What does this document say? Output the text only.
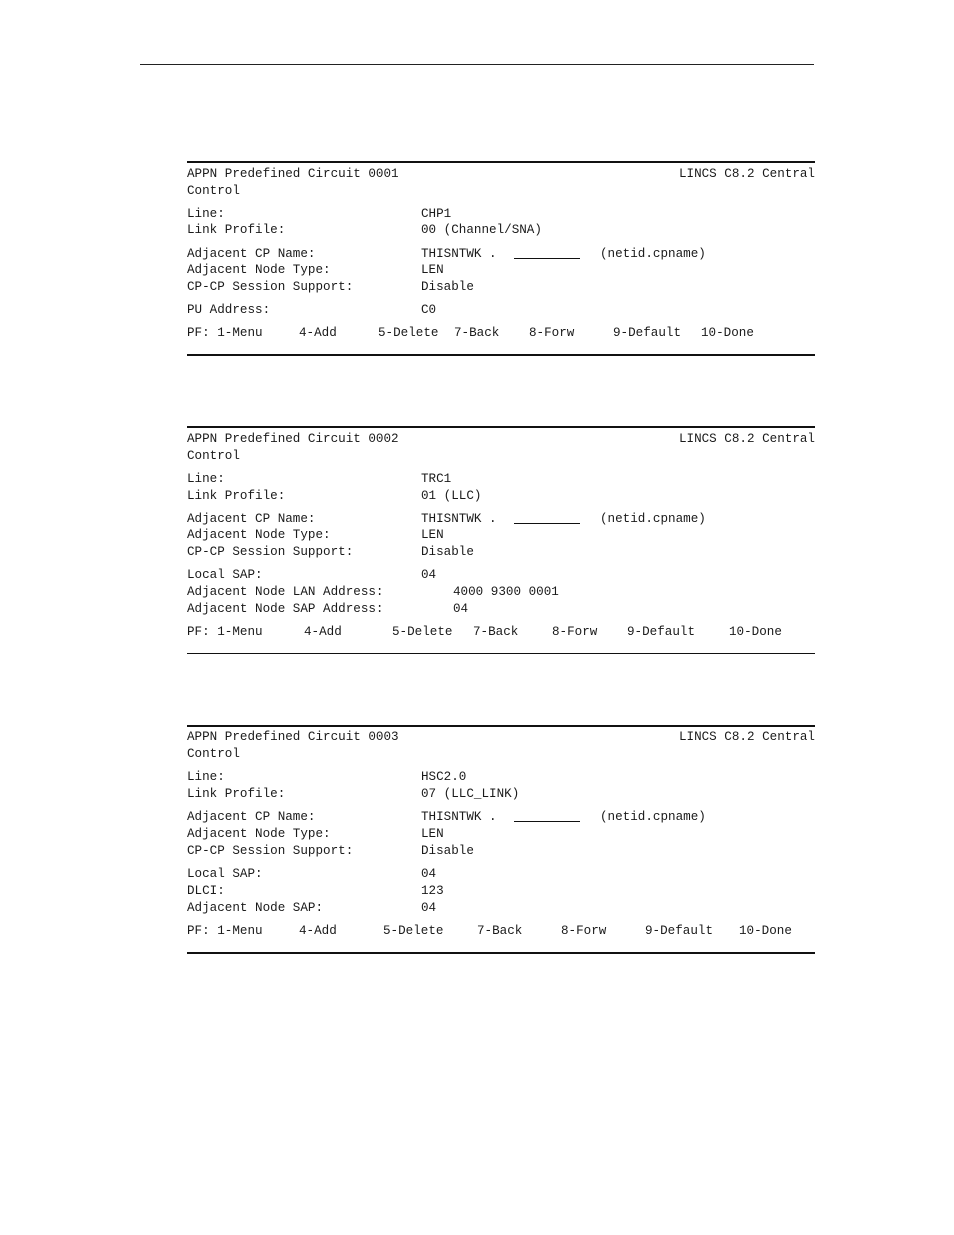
APPN Predefined Circuit 0001	LINCS C8.2 Central
Control
Line:	CHP1
Link Profile:	00 (Channel/SNA)
Adjacent CP Name:	THISNTWK .	(netid.cpname)
Adjacent Node Type:	LEN
CP-CP Session Support:	Disable
PU Address:	C0
PF: 1-Menu	4-Add	5-Delete 7-Back 8-Forw	9-Default 10-Done
APPN Predefined Circuit 0002	LINCS C8.2 Central
Control
Line:	TRC1
Link Profile:	01 (LLC)
Adjacent CP Name:	THISNTWK .	(netid.cpname)
Adjacent Node Type:	LEN
CP-CP Session Support:	Disable
Local SAP:	04
Adjacent Node LAN Address:	4000 9300 0001
Adjacent Node SAP Address:	04
PF: 1-Menu	4-Add	5-Delete 7-Back	8-Forw 9-Default	10-Done
APPN Predefined Circuit 0003	LINCS C8.2 Central
Control
Line:	HSC2.0
Link Profile:	07 (LLC_LINK)
Adjacent CP Name:	THISNTWK .	(netid.cpname)
Adjacent Node Type:	LEN
CP-CP Session Support:	Disable
Local SAP:	04
DLCI:	123
Adjacent Node SAP:	04
PF: 1-Menu	4-Add	5-Delete	7-Back	8-Forw	9-Default 10-Done
